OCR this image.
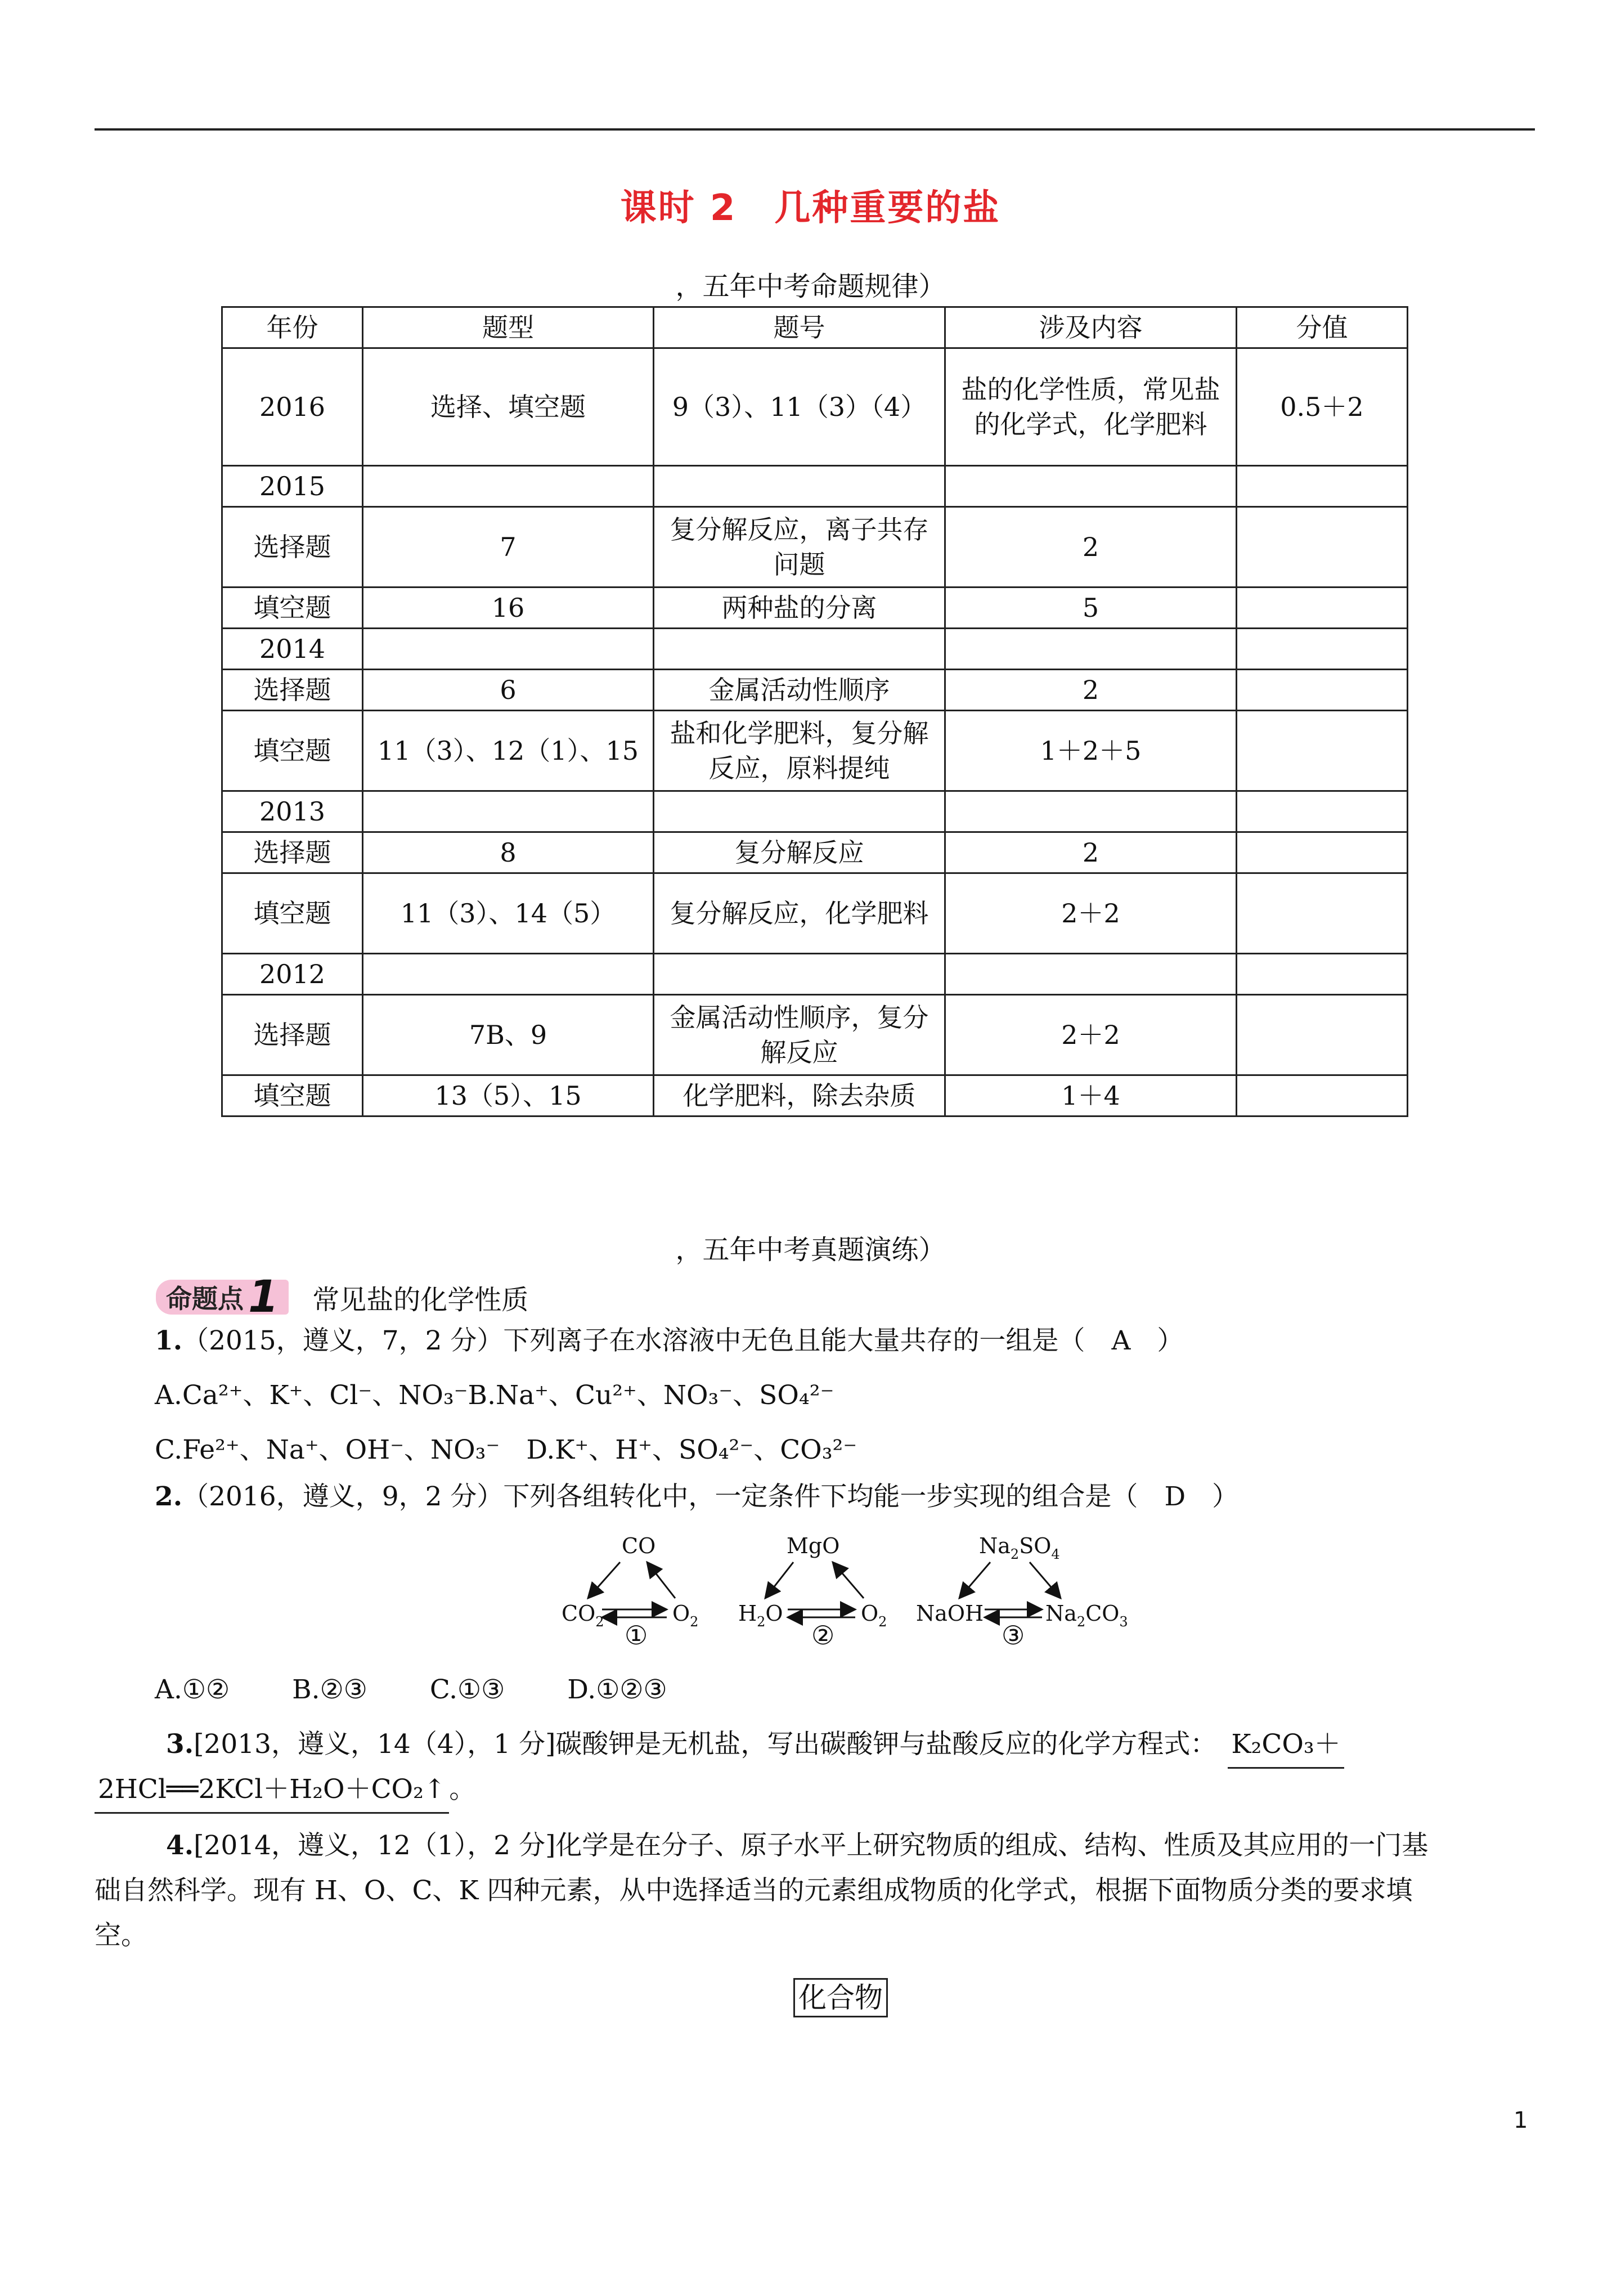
课时 2　几种重要的盐
，五年中考命题规律）
年份	题型	题号	涉及内容	分值
2016	选择、填空题	9（3）、11（3）（4）	盐的化学性质，常见盐的化学式，化学肥料	0.5＋2
2015				
选择题	7	复分解反应，离子共存问题	2	
填空题	16	两种盐的分离	5	
2014				
选择题	6	金属活动性顺序	2	
填空题	11（3）、12（1）、15	盐和化学肥料，复分解反应，原料提纯	1＋2＋5	
2013				
选择题	8	复分解反应	2	
填空题	11（3）、14（5）	复分解反应，化学肥料	2＋2	
2012				
选择题	7B、9	金属活动性顺序，复分解反应	2＋2	
填空题	13（5）、15	化学肥料，除去杂质	1＋4	
，五年中考真题演练）
命题点 1 常见盐的化学性质
1.（2015，遵义，7，2 分）下列离子在水溶液中无色且能大量共存的一组是（　A　）
A.Ca²⁺、K⁺、Cl⁻、NO₃⁻B.Na⁺、Cu²⁺、NO₃⁻、SO₄²⁻
C.Fe²⁺、Na⁺、OH⁻、NO₃⁻　 D.K⁺、H⁺、SO₄²⁻、CO₃²⁻
2.（2016，遵义，9，2 分）下列各组转化中，一定条件下均能一步实现的组合是（　D　）
CO
$CO_2$	$O_2$
①
MgO
$H_2O$	$O_2$
②
$Na_2SO_4$
NaOH	$Na_2CO_3$
③
A.①② B.②③ C.①③ D.①②③
3.[2013，遵义，14（4），1 分]碳酸钾是无机盐，写出碳酸钾与盐酸反应的化学方程式： K₂CO₃＋
2HCl══2KCl＋H₂O＋CO₂↑ 。
4.[2014，遵义，12（1），2 分]化学是在分子、原子水平上研究物质的组成、结构、性质及其应用的一门基
础自然科学。现有 H、O、C、K 四种元素，从中选择适当的元素组成物质的化学式，根据下面物质分类的要求填
空。
化合物
1
